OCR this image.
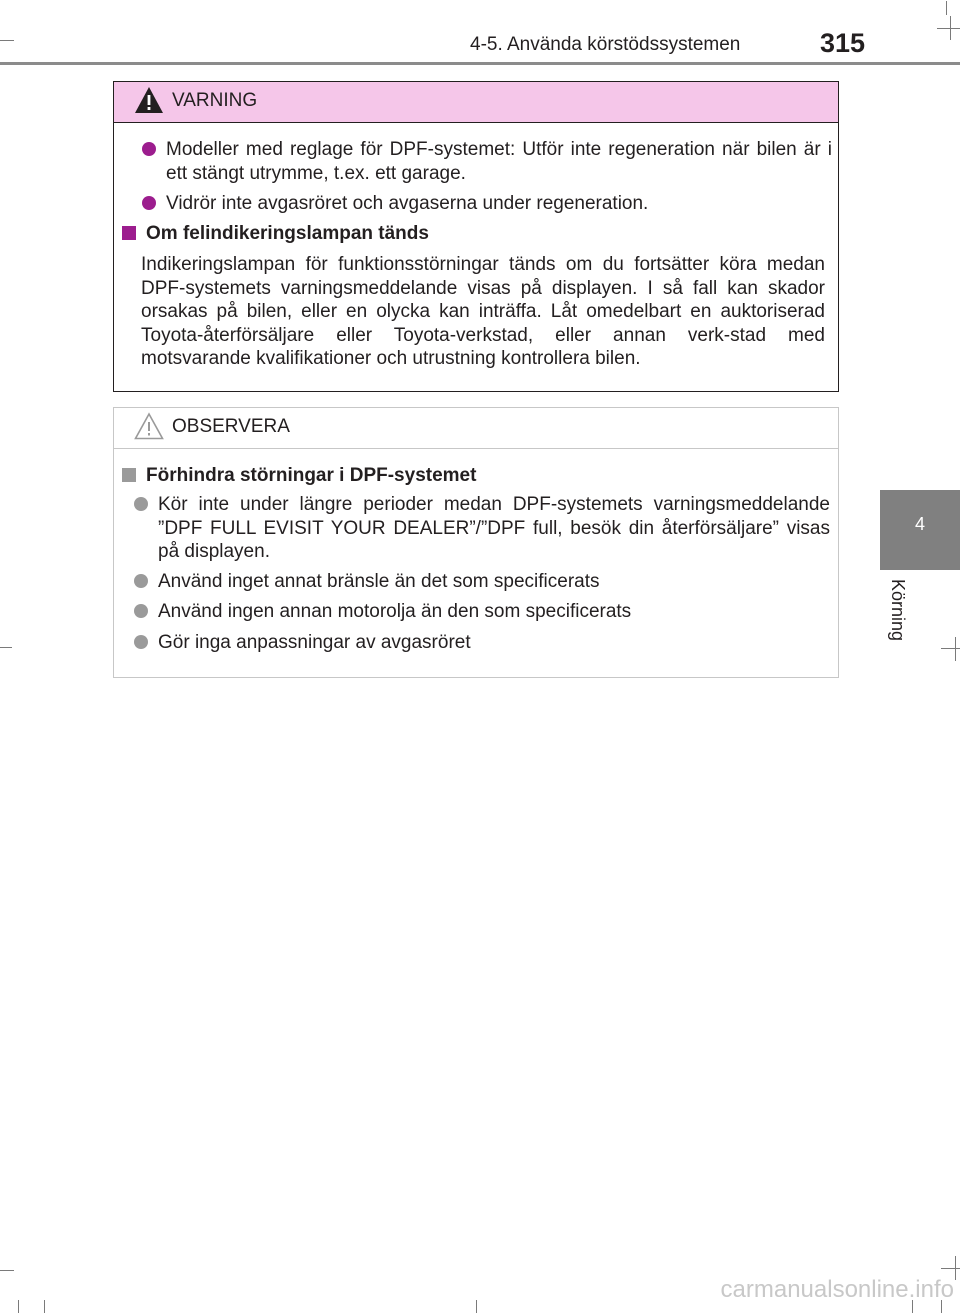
4-5. Använda körstödssystemen	315
4
Körning
VARNING
Modeller med reglage för DPF-systemet: Utför inte regeneration när bilen är i ett stängt utrymme, t.ex. ett garage.
Vidrör inte avgasröret och avgaserna under regeneration.
Om felindikeringslampan tänds
Indikeringslampan för funktionsstörningar tänds om du fortsätter köra medan DPF-systemets varningsmeddelande visas på displayen. I så fall kan skador orsakas på bilen, eller en olycka kan inträffa. Låt omedelbart en auktoriserad Toyota-återförsäljare eller Toyota-verkstad, eller annan verk-stad med motsvarande kvalifikationer och utrustning kontrollera bilen.
OBSERVERA
Förhindra störningar i DPF-systemet
Kör inte under längre perioder medan DPF-systemets varningsmeddelande ”DPF FULL EVISIT YOUR DEALER”/”DPF full, besök din återförsäljare” visas på displayen.
Använd inget annat bränsle än det som specificerats
Använd ingen annan motorolja än den som specificerats
Gör inga anpassningar av avgasröret
carmanualsonline.info
